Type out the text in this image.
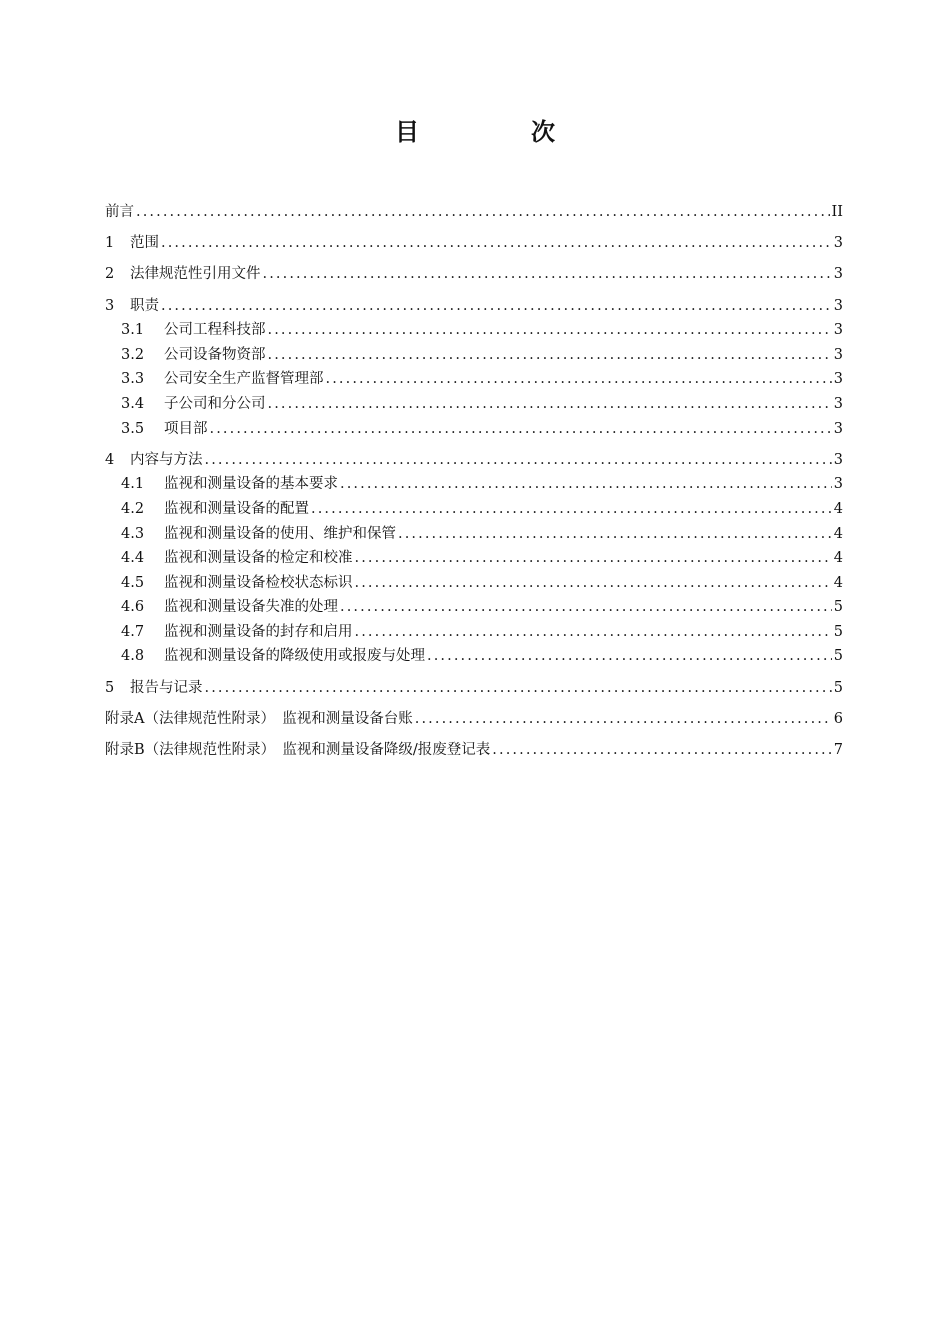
目　次
前言 .....	II
1	范围 .....	3
2	法律规范性引用文件 .....	3
3	职责 .....	3
3.1	公司工程科技部 .....	3
3.2	公司设备物资部 .....	3
3.3	公司安全生产监督管理部 .....	3
3.4	子公司和分公司 .....	3
3.5	项目部 .....	3
4	内容与方法 .....	3
4.1	监视和测量设备的基本要求 .....	3
4.2	监视和测量设备的配置 .....	4
4.3	监视和测量设备的使用、维护和保管 .....	4
4.4	监视和测量设备的检定和校准 .....	4
4.5	监视和测量设备检校状态标识 .....	4
4.6	监视和测量设备失准的处理 .....	5
4.7	监视和测量设备的封存和启用 .....	5
4.8	监视和测量设备的降级使用或报废与处理 .....	5
5	报告与记录 .....	5
附录A（法律规范性附录）　监视和测量设备台账 .....	6
附录B（法律规范性附录）　监视和测量设备降级/报废登记表 .....	7
